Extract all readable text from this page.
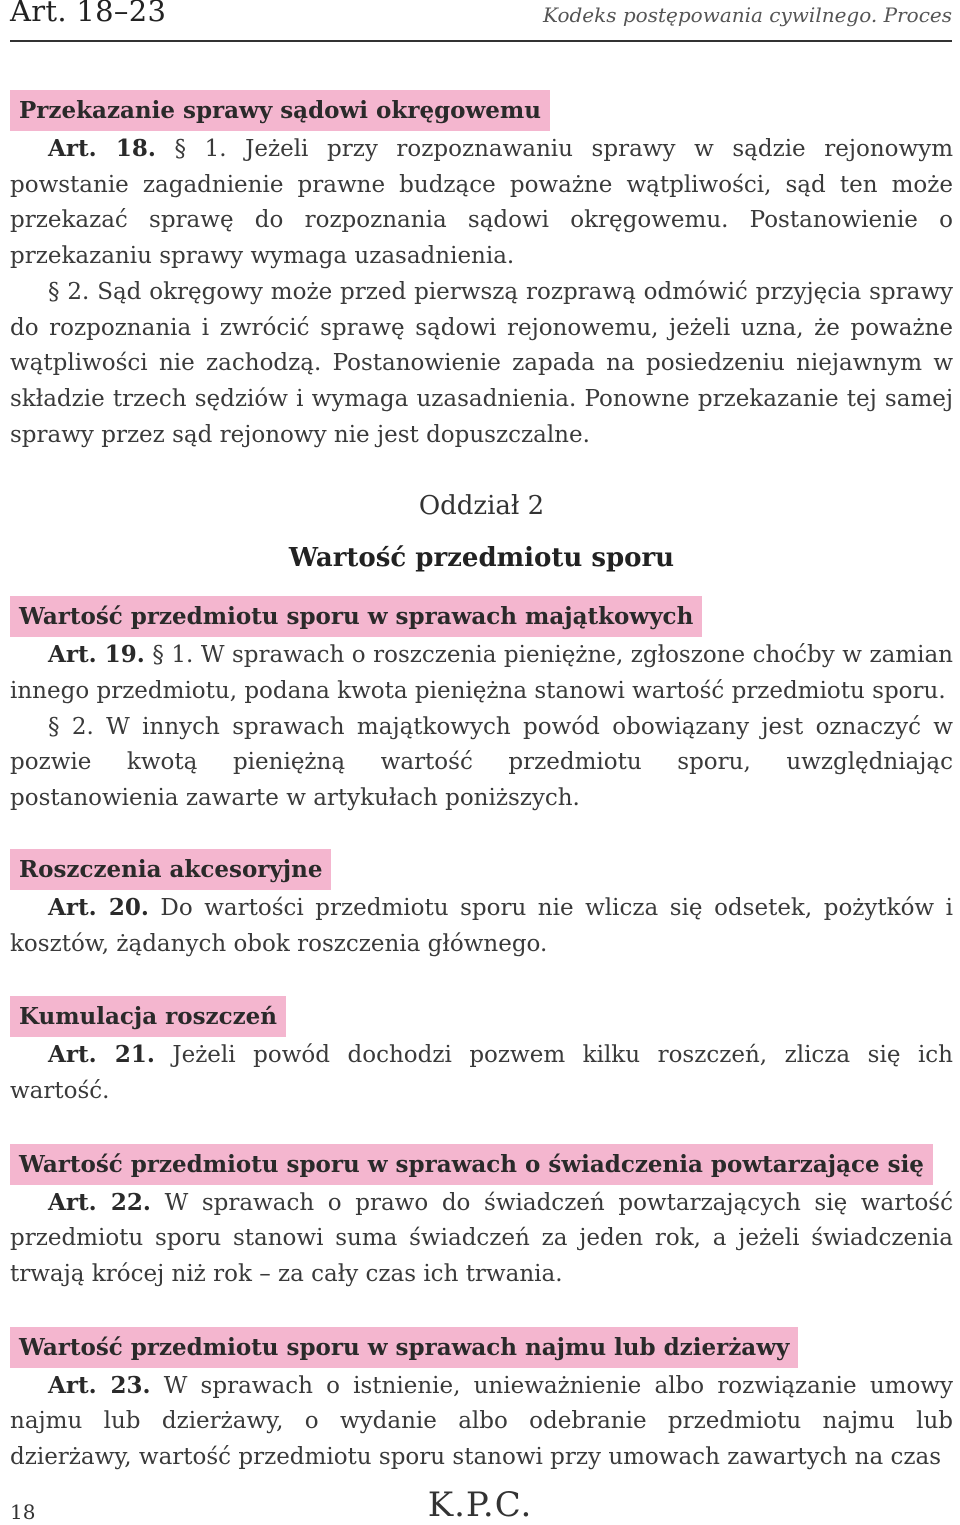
Art. 18–23	Kodeks postępowania cywilnego. Proces
Przekazanie sprawy sądowi okręgowemu

Art. 18. § 1. Jeżeli przy rozpoznawaniu sprawy w sądzie rejonowym powstanie zagadnienie prawne budzące poważne wątpliwości, sąd ten może przekazać sprawę do rozpoznania sądowi okręgowemu. Postanowienie o przekazaniu sprawy wymaga uzasadnienia.

§ 2. Sąd okręgowy może przed pierwszą rozprawą odmówić przyjęcia sprawy do rozpoznania i zwrócić sprawę sądowi rejonowemu, jeżeli uzna, że poważne wątpliwości nie zachodzą. Postanowienie zapada na posiedzeniu niejawnym w składzie trzech sędziów i wymaga uzasadnienia. Ponowne przekazanie tej samej sprawy przez sąd rejonowy nie jest dopuszczalne.

Oddział 2
Wartość przedmiotu sporu
Wartość przedmiotu sporu w sprawach majątkowych

Art. 19. § 1. W sprawach o roszczenia pieniężne, zgłoszone choćby w zamian innego przedmiotu, podana kwota pieniężna stanowi wartość przedmiotu sporu.

§ 2. W innych sprawach majątkowych powód obowiązany jest oznaczyć w pozwie kwotą pieniężną wartość przedmiotu sporu, uwzględniając postanowienia zawarte w artykułach poniższych.

Roszczenia akcesoryjne

Art. 20. Do wartości przedmiotu sporu nie wlicza się odsetek, pożytków i kosztów, żądanych obok roszczenia głównego.

Kumulacja roszczeń

Art. 21. Jeżeli powód dochodzi pozwem kilku roszczeń, zlicza się ich wartość.

Wartość przedmiotu sporu w sprawach o świadczenia powtarzające się

Art. 22. W sprawach o prawo do świadczeń powtarzających się wartość przedmiotu sporu stanowi suma świadczeń za jeden rok, a jeżeli świadczenia trwają krócej niż rok – za cały czas ich trwania.

Wartość przedmiotu sporu w sprawach najmu lub dzierżawy

Art. 23. W sprawach o istnienie, unieważnienie albo rozwiązanie umowy najmu lub dzierżawy, o wydanie albo odebranie przedmiotu najmu lub dzierżawy, wartość przedmiotu sporu stanowi przy umowach zawartych na czas

18	K.P.C.
